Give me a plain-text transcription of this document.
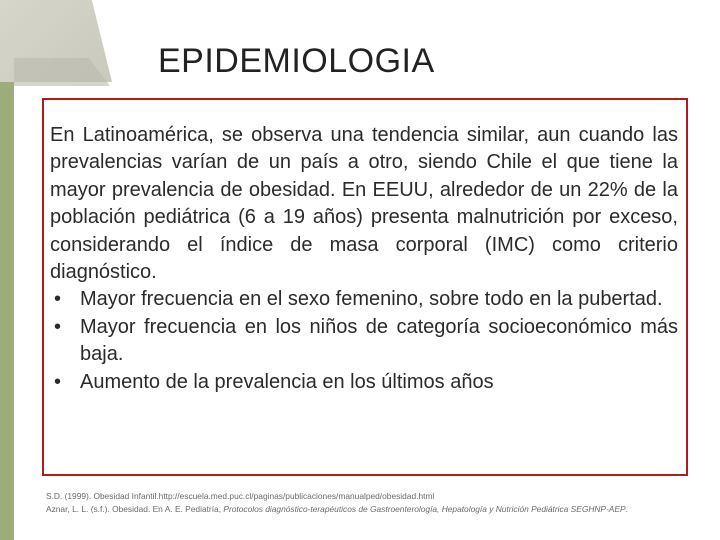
EPIDEMIOLOGIA

En Latinoamérica, se observa una tendencia similar, aun cuando las prevalencias varían de un país a otro, siendo Chile el que tiene la mayor prevalencia de obesidad. En EEUU, alrededor de un 22% de la población pediátrica (6 a 19 años) presenta malnutrición por exceso, considerando el índice de masa corporal (IMC) como criterio diagnóstico.

• Mayor frecuencia en el sexo femenino, sobre todo en la pubertad.
• Mayor frecuencia en los niños de categoría socioeconómico más baja.
• Aumento de la prevalencia en los últimos años
S.D. (1999). Obesidad Infantil.http://escuela.med.puc.cl/paginas/publicaciones/manualped/obesidad.html
Aznar, L. L. (s.f.). Obesidad. En A. E. Pediatría, Protocolos diagnóstico-terapéuticos de Gastroenterología, Hepatología y Nutrición Pediátrica SEGHNP-AEP.
